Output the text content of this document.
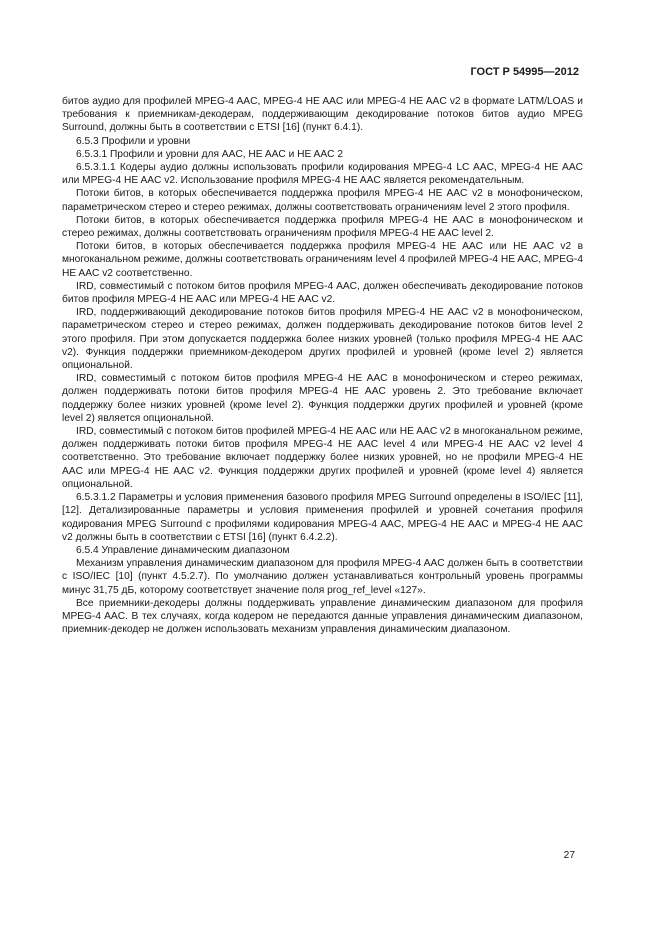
ГОСТ Р 54995—2012

битов аудио для профилей MPEG-4 AAC, MPEG-4 HE AAC или MPEG-4 HE AAC v2 в формате LATM/LOAS и требования к приемникам-декодерам, поддерживающим декодирование потоков битов аудио MPEG Surround, должны быть в соответствии с ETSI [16] (пункт 6.4.1).

6.5.3 Профили и уровни

6.5.3.1 Профили и уровни для AAC, HE AAC и HE AAC 2

6.5.3.1.1 Кодеры аудио должны использовать профили кодирования MPEG-4 LC AAC, MPEG-4 HE AAC или MPEG-4 HE AAC v2. Использование профиля MPEG-4 HE AAC является рекомендательным.

Потоки битов, в которых обеспечивается поддержка профиля MPEG-4 HE AAC v2 в монофоническом, параметрическом стерео и стерео режимах, должны соответствовать ограничениям level 2 этого профиля.

Потоки битов, в которых обеспечивается поддержка профиля MPEG-4 HE AAC в монофоническом и стерео режимах, должны соответствовать ограничениям профиля MPEG-4 HE AAC level 2.

Потоки битов, в которых обеспечивается поддержка профиля MPEG-4 HE AAC или HE AAC v2 в многоканальном режиме, должны соответствовать ограничениям level 4 профилей MPEG-4 HE AAC, MPEG-4 HE AAC v2 соответственно.

IRD, совместимый с потоком битов профиля MPEG-4 AAC, должен обеспечивать декодирование потоков битов профиля MPEG-4 HE AAC или MPEG-4 HE AAC v2.

IRD, поддерживающий декодирование потоков битов профиля MPEG-4 HE AAC v2 в монофоническом, параметрическом стерео и стерео режимах, должен поддерживать декодирование потоков битов level 2 этого профиля. При этом допускается поддержка более низких уровней (только профиля MPEG-4 HE AAC v2). Функция поддержки приемником-декодером других профилей и уровней (кроме level 2) является опциональной.

IRD, совместимый с потоком битов профиля MPEG-4 HE AAC в монофоническом и стерео режимах, должен поддерживать потоки битов профиля MPEG-4 HE AAC уровень 2. Это требование включает поддержку более низких уровней (кроме level 2). Функция поддержки других профилей и уровней (кроме level 2) является опциональной.

IRD, совместимый с потоком битов профилей MPEG-4 HE AAC или HE AAC v2 в многоканальном режиме, должен поддерживать потоки битов профиля MPEG-4 HE AAC level 4 или MPEG-4 HE AAC v2 level 4 соответственно. Это требование включает поддержку более низких уровней, но не профили MPEG-4 HE AAC или MPEG-4 HE AAC v2. Функция поддержки других профилей и уровней (кроме level 4) является опциональной.

6.5.3.1.2 Параметры и условия применения базового профиля MPEG Surround определены в ISO/IEC [11], [12]. Детализированные параметры и условия применения профилей и уровней сочетания профиля кодирования MPEG Surround с профилями кодирования MPEG-4 AAC, MPEG-4 HE AAC и MPEG-4 HE AAC v2 должны быть в соответствии с ETSI [16] (пункт 6.4.2.2).

6.5.4 Управление динамическим диапазоном

Механизм управления динамическим диапазоном для профиля MPEG-4 AAC должен быть в соответствии с ISO/IEC [10] (пункт 4.5.2.7). По умолчанию должен устанавливаться контрольный уровень программы минус 31,75 дБ, которому соответствует значение поля prog_ref_level «127».

Все приемники-декодеры должны поддерживать управление динамическим диапазоном для профиля MPEG-4 AAC. В тех случаях, когда кодером не передаются данные управления динамическим диапазоном, приемник-декодер не должен использовать механизм управления динамическим диапазоном.

27
